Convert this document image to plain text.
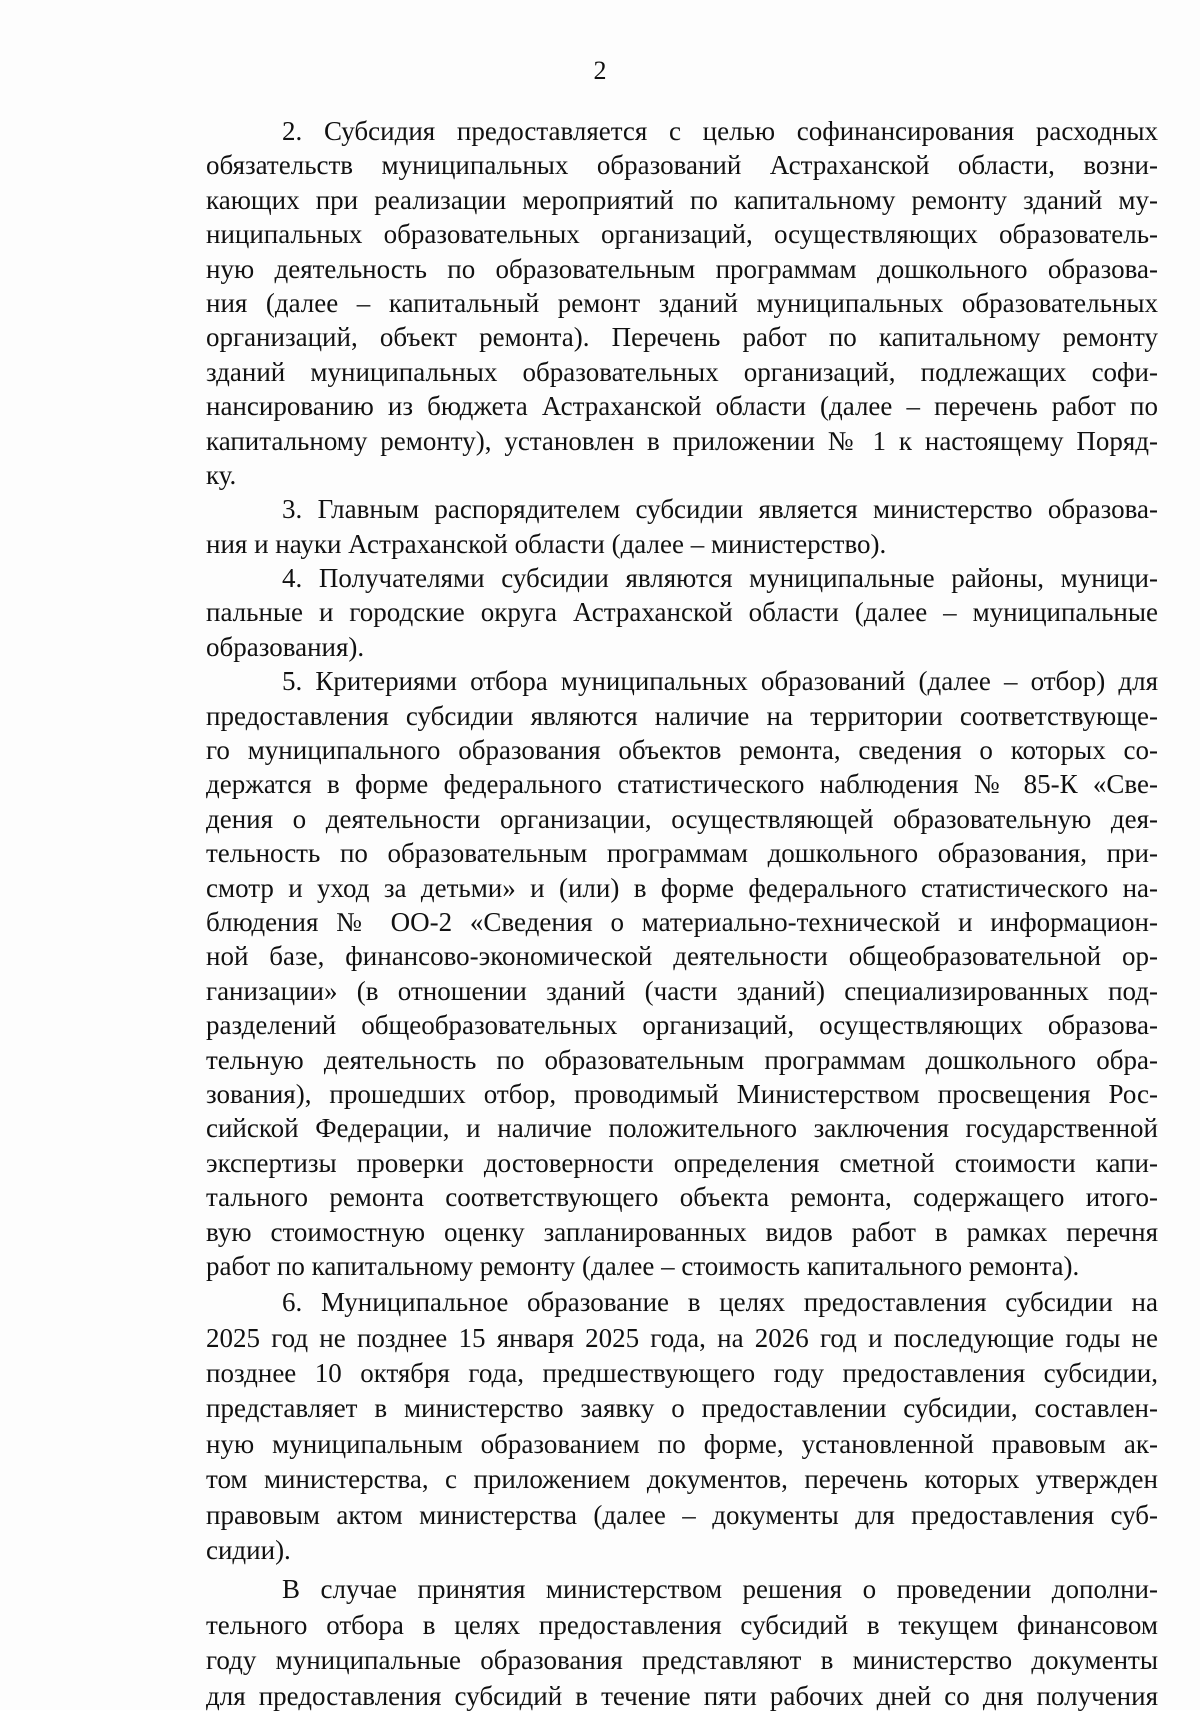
2
2. Субсидия предоставляется с целью софинансирования расходных
обязательств муниципальных образований Астраханской области, возни-
кающих при реализации мероприятий по капитальному ремонту зданий му-
ниципальных образовательных организаций, осуществляющих образователь-
ную деятельность по образовательным программам дошкольного образова-
ния (далее – капитальный ремонт зданий муниципальных образовательных
организаций, объект ремонта). Перечень работ по капитальному ремонту
зданий муниципальных образовательных организаций, подлежащих софи-
нансированию из бюджета Астраханской области (далее – перечень работ по
капитальному ремонту), установлен в приложении № 1 к настоящему Поряд-
ку.
3. Главным распорядителем субсидии является министерство образова-
ния и науки Астраханской области (далее – министерство).
4. Получателями субсидии являются муниципальные районы, муници-
пальные и городские округа Астраханской области (далее – муниципальные
образования).
5. Критериями отбора муниципальных образований (далее – отбор) для
предоставления субсидии являются наличие на территории соответствующе-
го муниципального образования объектов ремонта, сведения о которых со-
держатся в форме федерального статистического наблюдения № 85-К «Све-
дения о деятельности организации, осуществляющей образовательную дея-
тельность по образовательным программам дошкольного образования, при-
смотр и уход за детьми» и (или) в форме федерального статистического на-
блюдения № ОО-2 «Сведения о материально-технической и информацион-
ной базе, финансово-экономической деятельности общеобразовательной ор-
ганизации» (в отношении зданий (части зданий) специализированных под-
разделений общеобразовательных организаций, осуществляющих образова-
тельную деятельность по образовательным программам дошкольного обра-
зования), прошедших отбор, проводимый Министерством просвещения Рос-
сийской Федерации, и наличие положительного заключения государственной
экспертизы проверки достоверности определения сметной стоимости капи-
тального ремонта соответствующего объекта ремонта, содержащего итого-
вую стоимостную оценку запланированных видов работ в рамках перечня
работ по капитальному ремонту (далее – стоимость капитального ремонта).
6. Муниципальное образование в целях предоставления субсидии на
2025 год не позднее 15 января 2025 года, на 2026 год и последующие годы не
позднее 10 октября года, предшествующего году предоставления субсидии,
представляет в министерство заявку о предоставлении субсидии, составлен-
ную муниципальным образованием по форме, установленной правовым ак-
том министерства, с приложением документов, перечень которых утвержден
правовым актом министерства (далее – документы для предоставления суб-
сидии).
В случае принятия министерством решения о проведении дополни-
тельного отбора в целях предоставления субсидий в текущем финансовом
году муниципальные образования представляют в министерство документы
для предоставления субсидий в течение пяти рабочих дней со дня получения
